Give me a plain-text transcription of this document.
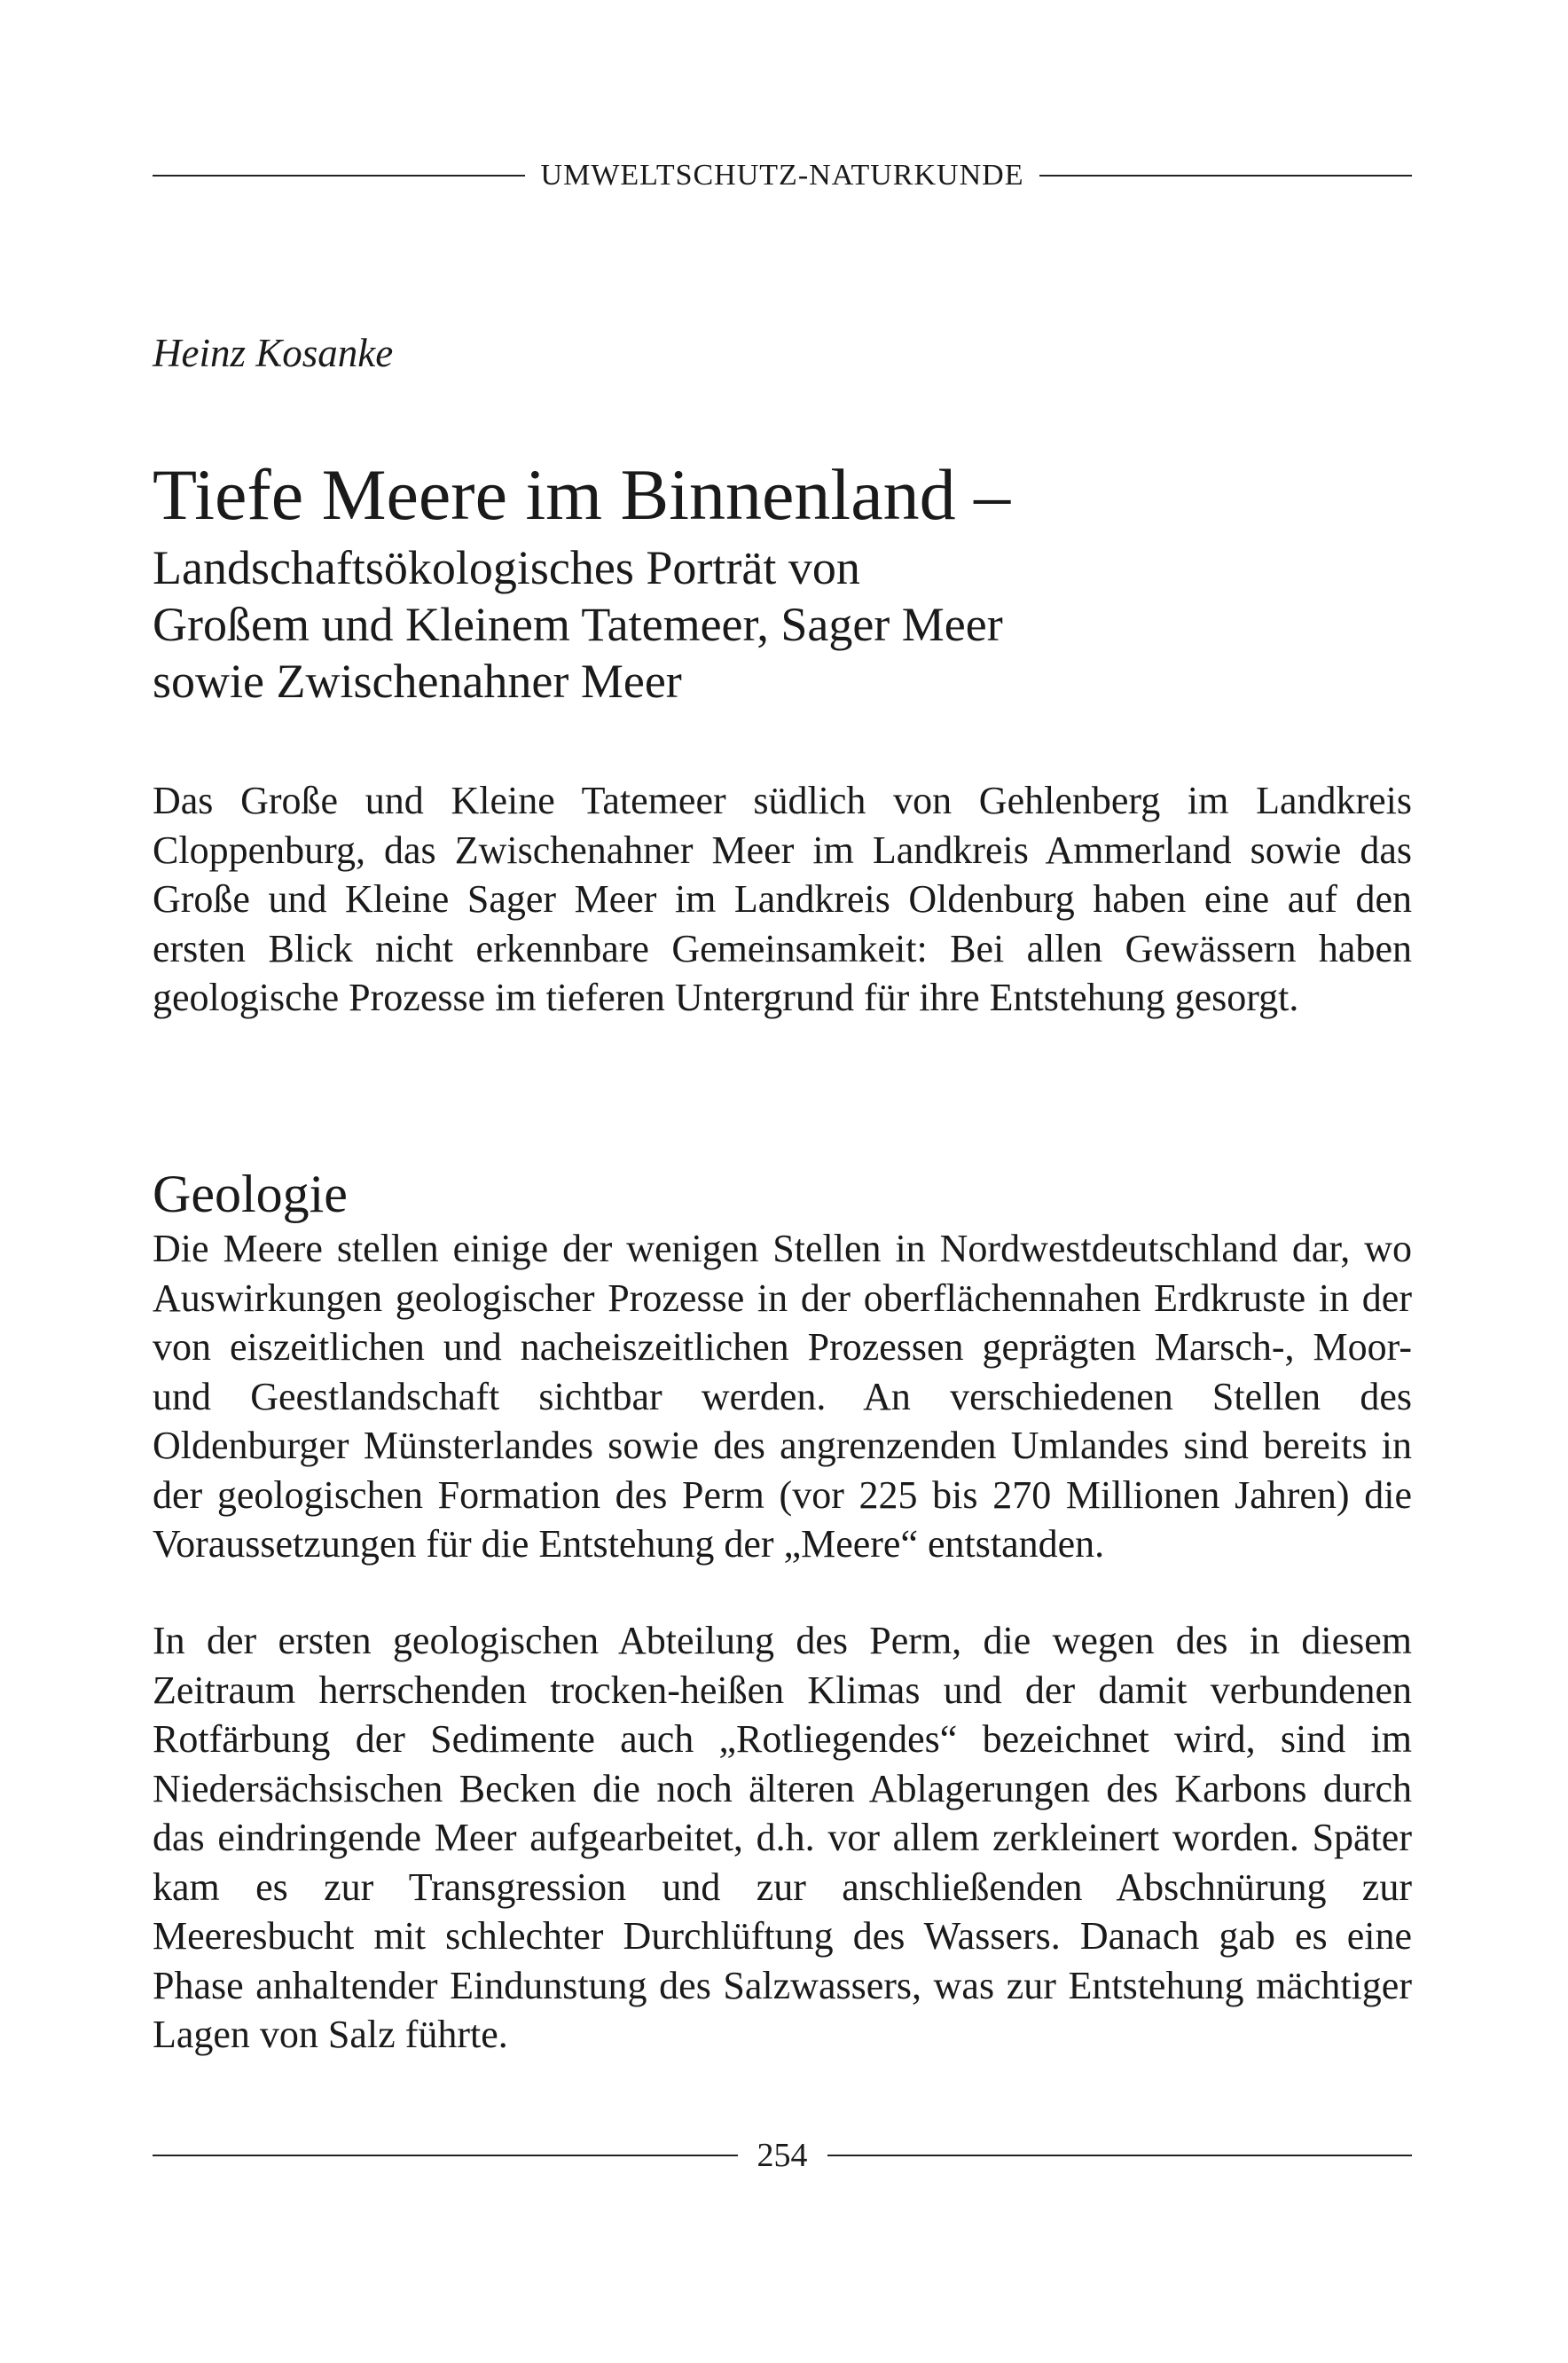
UMWELTSCHUTZ-NATURKUNDE
Heinz Kosanke
Tiefe Meere im Binnenland –
Landschaftsökologisches Porträt von
Großem und Kleinem Tatemeer, Sager Meer
sowie Zwischenahner Meer

Das Große und Kleine Tatemeer südlich von Gehlenberg im Landkreis Cloppenburg, das Zwischenahner Meer im Landkreis Ammerland sowie das Große und Kleine Sager Meer im Landkreis Oldenburg haben eine auf den ersten Blick nicht erkennbare Gemeinsamkeit: Bei allen Gewässern haben geologische Prozesse im tieferen Untergrund für ihre Entstehung gesorgt.

Geologie

Die Meere stellen einige der wenigen Stellen in Nordwestdeutschland dar, wo Auswirkungen geologischer Prozesse in der oberflächennahen Erdkruste in der von eiszeitlichen und nacheiszeitlichen Prozessen geprägten Marsch-, Moor- und Geestlandschaft sichtbar werden. An verschiedenen Stellen des Oldenburger Münsterlandes sowie des angrenzenden Umlandes sind bereits in der geologischen Formation des Perm (vor 225 bis 270 Millionen Jahren) die Voraussetzungen für die Entstehung der „Meere“ entstanden.

In der ersten geologischen Abteilung des Perm, die wegen des in diesem Zeitraum herrschenden trocken-heißen Klimas und der damit verbundenen Rotfärbung der Sedimente auch „Rotliegendes“ bezeichnet wird, sind im Niedersächsischen Becken die noch älteren Ablagerungen des Karbons durch das eindringende Meer aufgearbeitet, d.h. vor allem zerkleinert worden. Später kam es zur Transgression und zur anschließenden Abschnürung zur Meeresbucht mit schlechter Durchlüftung des Wassers. Danach gab es eine Phase anhaltender Eindunstung des Salzwassers, was zur Entstehung mächtiger Lagen von Salz führte.

254
